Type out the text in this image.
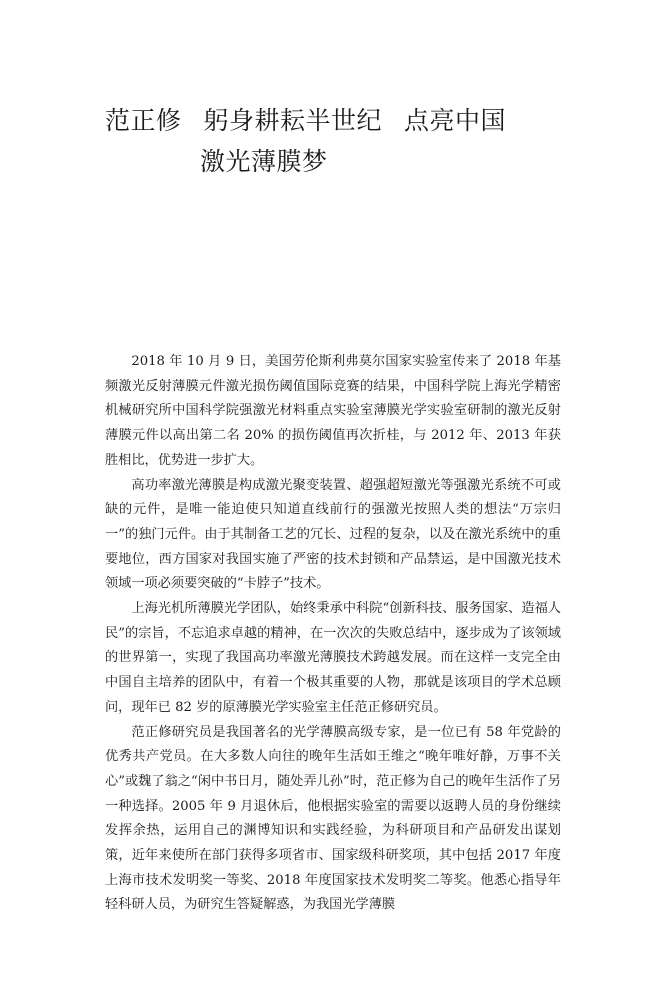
范正修 躬身耕耘半世纪 点亮中国
激光薄膜梦

2018 年 10 月 9 日，美国劳伦斯利弗莫尔国家实验室传来了 2018 年基频激光反射薄膜元件激光损伤阈值国际竞赛的结果，中国科学院上海光学精密机械研究所中国科学院强激光材料重点实验室薄膜光学实验室研制的激光反射薄膜元件以高出第二名 20% 的损伤阈值再次折桂，与 2012 年、2013 年获胜相比，优势进一步扩大。

高功率激光薄膜是构成激光聚变装置、超强超短激光等强激光系统不可或缺的元件，是唯一能迫使只知道直线前行的强激光按照人类的想法“万宗归一”的独门元件。由于其制备工艺的冗长、过程的复杂，以及在激光系统中的重要地位，西方国家对我国实施了严密的技术封锁和产品禁运，是中国激光技术领域一项必须要突破的“卡脖子”技术。

上海光机所薄膜光学团队，始终秉承中科院“创新科技、服务国家、造福人民”的宗旨，不忘追求卓越的精神，在一次次的失败总结中，逐步成为了该领域的世界第一，实现了我国高功率激光薄膜技术跨越发展。而在这样一支完全由中国自主培养的团队中，有着一个极其重要的人物，那就是该项目的学术总顾问，现年已 82 岁的原薄膜光学实验室主任范正修研究员。

范正修研究员是我国著名的光学薄膜高级专家，是一位已有 58 年党龄的优秀共产党员。在大多数人向往的晚年生活如王维之“晚年唯好静，万事不关心”或魏了翁之“闲中书日月，随处弄儿孙”时，范正修为自己的晚年生活作了另一种选择。2005 年 9 月退休后，他根据实验室的需要以返聘人员的身份继续发挥余热，运用自己的渊博知识和实践经验，为科研项目和产品研发出谋划策，近年来使所在部门获得多项省市、国家级科研奖项，其中包括 2017 年度上海市技术发明奖一等奖、2018 年度国家技术发明奖二等奖。他悉心指导年轻科研人员，为研究生答疑解惑，为我国光学薄膜
